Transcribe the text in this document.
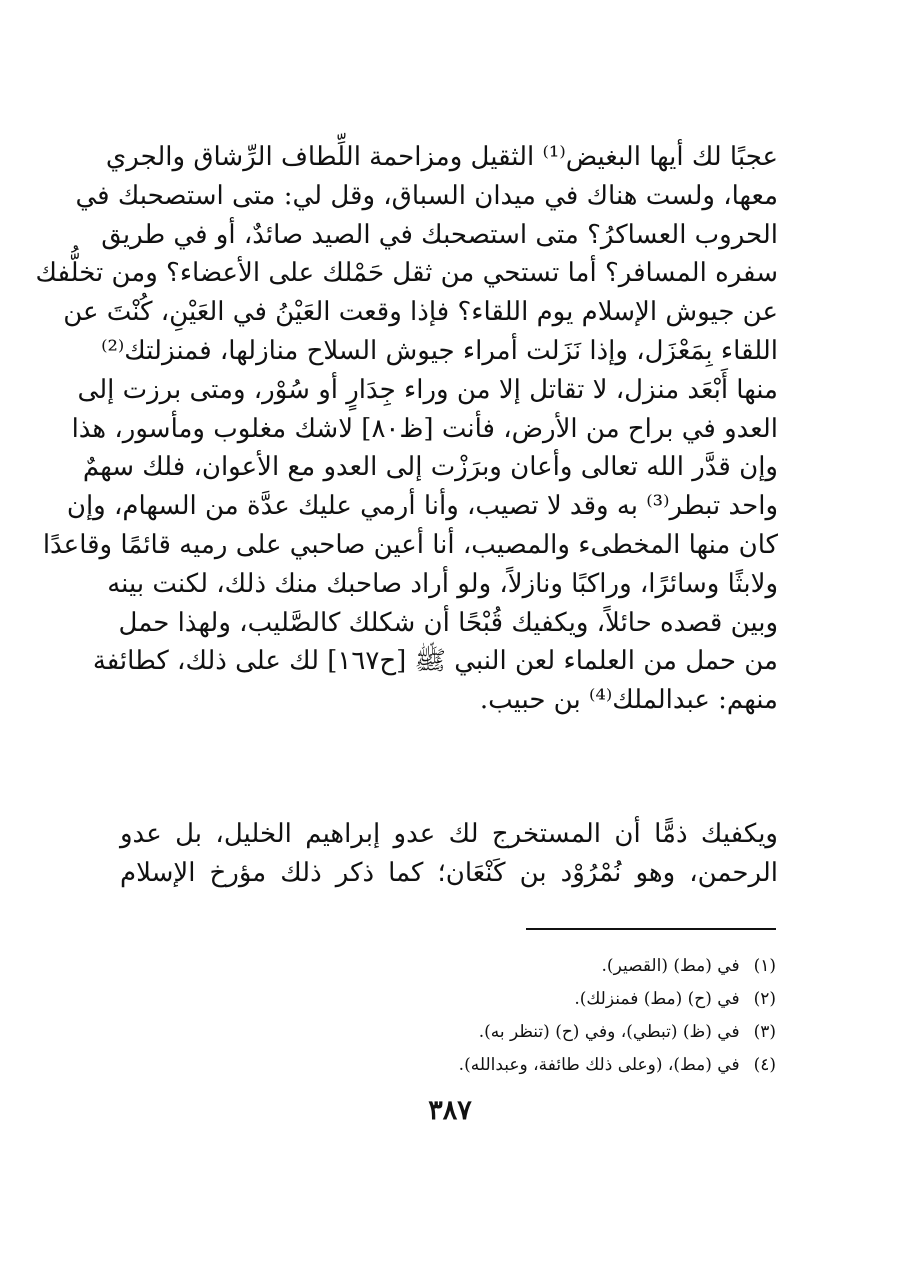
عجبًا لك أيها البغيض⁽¹⁾ الثقيل ومزاحمة اللِّطاف الرِّشاق والجري
معها، ولست هناك في ميدان السباق، وقل لي: متى استصحبك في
الحروب العساكرُ؟ متى استصحبك في الصيد صائدٌ، أو في طريق
سفره المسافر؟ أما تستحي من ثقل حَمْلك على الأعضاء؟ ومن تخلُّفك
عن جيوش الإسلام يوم اللقاء؟ فإذا وقعت العَيْنُ في العَيْنِ، كُنْتَ عن
اللقاء بِمَعْزَل، وإذا نَزَلت أمراء جيوش السلاح منازلها، فمنزلتك⁽²⁾
منها أَبْعَد منزل، لا تقاتل إلا من وراء جِدَارٍ أو سُوْر، ومتى برزت إلى
العدو في براح من الأرض، فأنت [ظ٨٠] لاشك مغلوب ومأسور، هذا
وإن قدَّر الله تعالى وأعان وبرَزْت إلى العدو مع الأعوان، فلك سهمٌ
واحد تبطر⁽³⁾ به وقد لا تصيب، وأنا أرمي عليك عدَّة من السهام، وإن
كان منها المخطىء والمصيب، أنا أعين صاحبي على رميه قائمًا وقاعدًا
ولابثًا وسائرًا، وراكبًا ونازلاً، ولو أراد صاحبك منك ذلك، لكنت بينه
وبين قصده حائلاً، ويكفيك قُبْحًا أن شكلك كالصَّليب، ولهذا حمل
من حمل من العلماء لعن النبي ﷺ [ح١٦٧] لك على ذلك، كطائفة
منهم: عبدالملك⁽⁴⁾ بن حبيب.
ويكفيك ذمًّا أن المستخرج لك عدو إبراهيم الخليل، بل عدو
الرحمن، وهو نُمْرُوْد بن كَنْعَان؛ كما ذكر ذلك مؤرخ الإسلام
(١)في (مط) (القصير).
(٢)في (ح) (مط) فمنزلك).
(٣)في (ظ) (تبطي)، وفي (ح) (تنظر به).
(٤)في (مط)، (وعلى ذلك طائفة، وعبدالله).
٣٨٧
